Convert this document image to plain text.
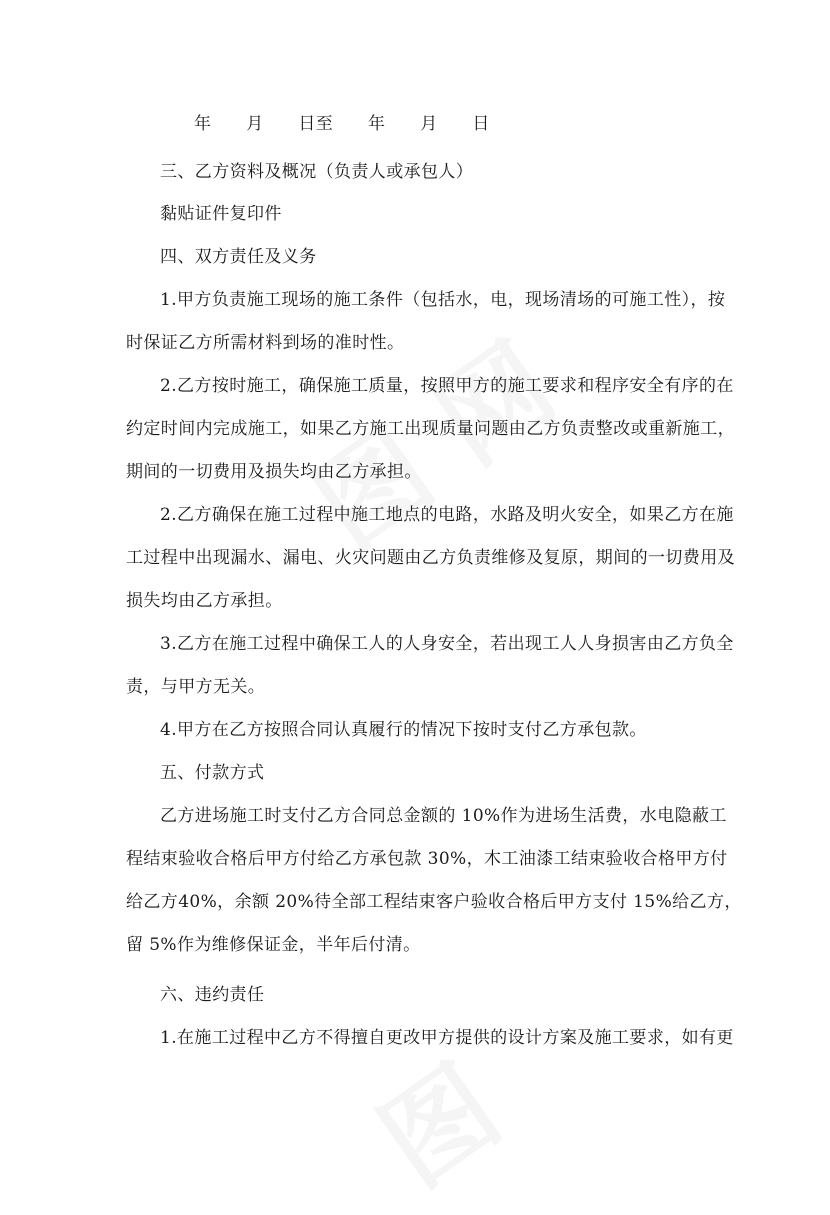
年　　月　　日至　　年　　月　　日
三、乙方资料及概况（负责人或承包人）
黏贴证件复印件
四、双方责任及义务
1.甲方负责施工现场的施工条件（包括水，电，现场清场的可施工性），按
时保证乙方所需材料到场的准时性。
2.乙方按时施工，确保施工质量，按照甲方的施工要求和程序安全有序的在
约定时间内完成施工，如果乙方施工出现质量问题由乙方负责整改或重新施工，
期间的一切费用及损失均由乙方承担。
2.乙方确保在施工过程中施工地点的电路，水路及明火安全，如果乙方在施
工过程中出现漏水、漏电、火灾问题由乙方负责维修及复原，期间的一切费用及
损失均由乙方承担。
3.乙方在施工过程中确保工人的人身安全，若出现工人人身损害由乙方负全
责，与甲方无关。
4.甲方在乙方按照合同认真履行的情况下按时支付乙方承包款。
五、付款方式
乙方进场施工时支付乙方合同总金额的 10%作为进场生活费，水电隐蔽工
程结束验收合格后甲方付给乙方承包款 30%，木工油漆工结束验收合格甲方付
给乙方40%，余额 20%待全部工程结束客户验收合格后甲方支付 15%给乙方，
留 5%作为维修保证金，半年后付清。
六、违约责任
1.在施工过程中乙方不得擅自更改甲方提供的设计方案及施工要求，如有更
